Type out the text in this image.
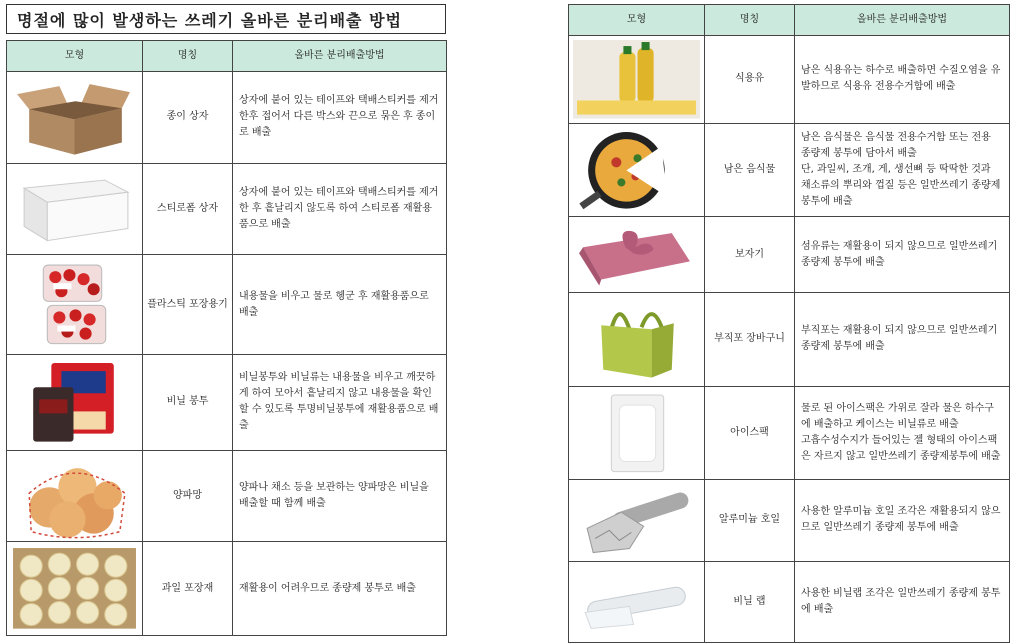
명절에 많이 발생하는 쓰레기 올바른 분리배출 방법
모형	명칭	올바른 분리배출방법

	종이 상자	상자에 붙어 있는 테이프와 택배스티커를 제거한후 접어서 다른 박스와 끈으로 묶은 후 종이로 배출

	스티로폼 상자	상자에 붙어 있는 테이프와 택배스티커를 제거한 후 흩날리지 않도록 하여 스티로폼 재활용품으로 배출

	플라스틱 포장용기	내용물을 비우고 물로 헹군 후 재활용품으로 배출

	비닐 봉투	비닐봉투와 비닐류는 내용물을 비우고 깨끗하게 하여 모아서 흩날리지 않고 내용물을 확인할 수 있도록 투명비닐봉투에 재활용품으로 배출

	양파망	양파나 채소 등을 보관하는 양파망은 비닐을 배출할 때 함께 배출

	과일 포장재	재활용이 어려우므로 종량제 봉투로 배출
모형	명칭	올바른 분리배출방법

	식용유	남은 식용유는 하수로 배출하면 수질오염을 유발하므로 식용유 전용수거함에 배출

	남은 음식물	남은 음식물은 음식물 전용수거함 또는 전용 종량제 봉투에 담아서 배출
단, 과일씨, 조개, 게, 생선뼈 등 딱딱한 것과 채소류의 뿌리와 껍질 등은 일반쓰레기 종량제 봉투에 배출

	보자기	섬유류는 재활용이 되지 않으므로 일반쓰레기 종량제 봉투에 배출

	부직포 장바구니	부직포는 재활용이 되지 않으므로 일반쓰레기 종량제 봉투에 배출

	아이스팩	물로 된 아이스팩은 가위로 잘라 물은 하수구에 배출하고 케이스는 비닐류로 배출
고흡수성수지가 들어있는 젤 형태의 아이스팩은 자르지 않고 일반쓰레기 종량제봉투에 배출

	알루미늄 호일	사용한 알루미늄 호일 조각은 재활용되지 않으므로 일반쓰레기 종량제 봉투에 배출

	비닐 랩	사용한 비닐랩 조각은 일반쓰레기 종량제 봉투에 배출
